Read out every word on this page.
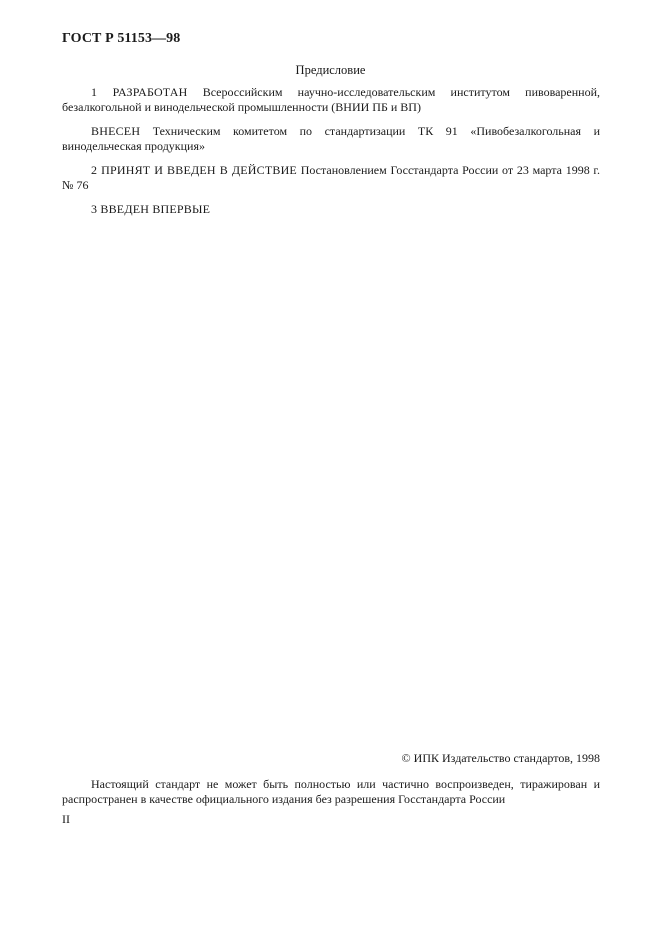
ГОСТ Р 51153—98
Предисловие
1 РАЗРАБОТАН Всероссийским научно-исследовательским институтом пивоваренной, безалкогольной и винодельческой промышленности (ВНИИ ПБ и ВП)
ВНЕСЕН Техническим комитетом по стандартизации ТК 91 «Пивобезалкогольная и винодельческая продукция»
2 ПРИНЯТ И ВВЕДЕН В ДЕЙСТВИЕ Постановлением Госстандарта России от 23 марта 1998 г. № 76
3 ВВЕДЕН ВПЕРВЫЕ
© ИПК Издательство стандартов, 1998
Настоящий стандарт не может быть полностью или частично воспроизведен, тиражирован и распространен в качестве официального издания без разрешения Госстандарта России
II
